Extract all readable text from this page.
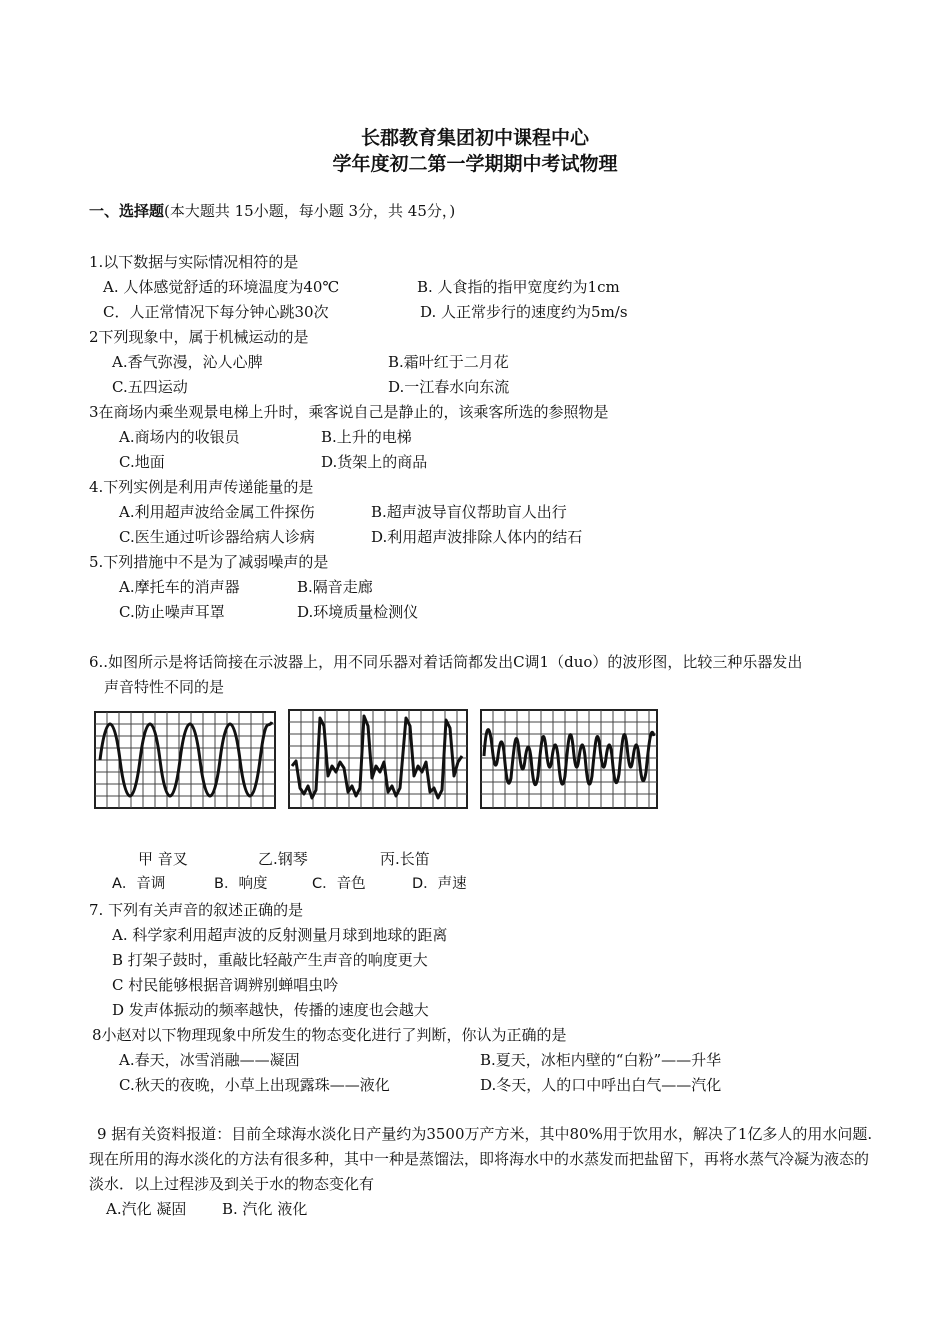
长郡教育集团初中课程中心
学年度初二第一学期期中考试物理
一、选择题(本大题共 15小题，每小题 3分，共 45分，)
1.以下数据与实际情况相符的是
A. 人体感觉舒适的环境温度为40℃	B. 人食指的指甲宽度约为1cm
C．人正常情况下每分钟心跳30次	D. 人正常步行的速度约为5m/s
2下列现象中，属于机械运动的是
A.香气弥漫，沁人心脾	B.霜叶红于二月花
C.五四运动	D.一江春水向东流
3在商场内乘坐观景电梯上升时，乘客说自己是静止的，该乘客所选的参照物是
A.商场内的收银员	B.上升的电梯
C.地面	D.货架上的商品
4.下列实例是利用声传递能量的是
A.利用超声波给金属工件探伤	B.超声波导盲仪帮助盲人出行
C.医生通过听诊器给病人诊病	D.利用超声波排除人体内的结石
5.下列措施中不是为了减弱噪声的是
A.摩托车的消声器	B.隔音走廊
C.防止噪声耳罩	D.环境质量检测仪
6..如图所示是将话筒接在示波器上，用不同乐器对着话筒都发出C调1（duo）的波形图，比较三种乐器发出
声音特性不同的是
甲 音叉	乙.钢琴	丙.长笛
A．音调	B．响度	C．音色	D．声速
7. 下列有关声音的叙述正确的是
A. 科学家利用超声波的反射测量月球到地球的距离
B 打架子鼓时，重敲比轻敲产生声音的响度更大
C 村民能够根据音调辨别蝉唱虫吟
D 发声体振动的频率越快，传播的速度也会越大
8小赵对以下物理现象中所发生的物态变化进行了判断，你认为正确的是
A.春天，冰雪消融——凝固	B.夏天，冰柜内壁的“白粉”——升华
C.秋天的夜晚，小草上出现露珠——液化	D.冬天，人的口中呼出白气——汽化
9 据有关资料报道：目前全球海水淡化日产量约为3500万产方米，其中80%用于饮用水，解决了1亿多人的用水问题.现在所用的海水淡化的方法有很多种，其中一种是蒸馏法，即将海水中的水蒸发而把盐留下，再将水蒸气冷凝为液态的淡水．以上过程涉及到关于水的物态变化有
A.汽化 凝固 B. 汽化 液化
